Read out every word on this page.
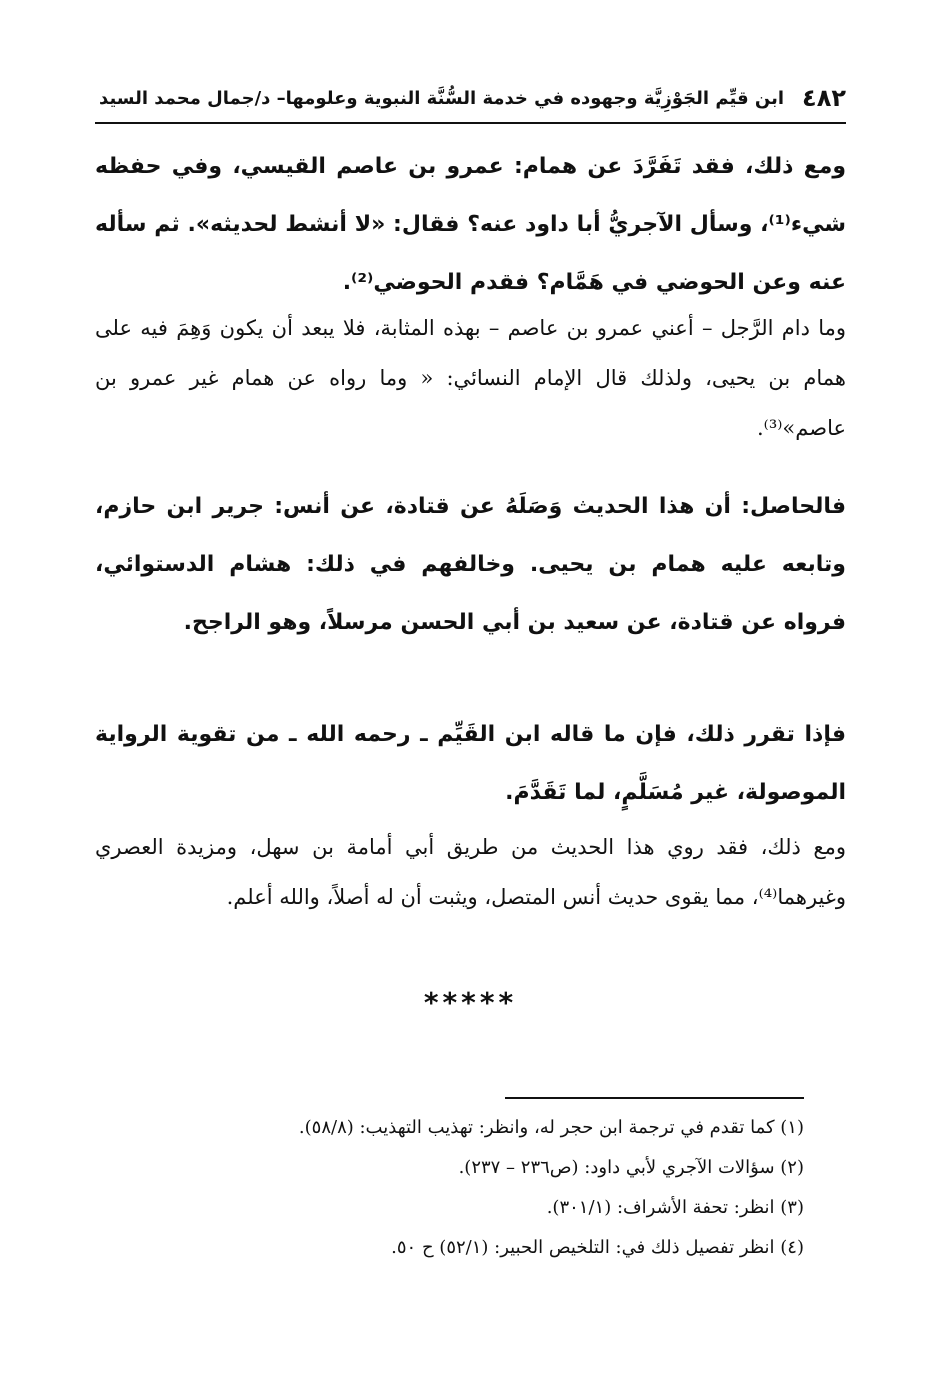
٤٨٢
ابن قيِّم الجَوْزِيَّة وجهوده في خدمة السُّنَّة النبوية وعلومها– د/جمال محمد السيد
ومع ذلك، فقد تَفَرَّدَ عن همام: عمرو بن عاصم القيسي، وفي حفظه شيء⁽¹⁾، وسأل الآجريُّ أبا داود عنه؟ فقال: «لا أنشط لحديثه». ثم سأله عنه وعن الحوضي في هَمَّام؟ فقدم الحوضي⁽²⁾.
وما دام الرَّجل – أعني عمرو بن عاصم – بهذه المثابة، فلا يبعد أن يكون وَهِمَ فيه على همام بن يحيى، ولذلك قال الإمام النسائي: « وما رواه عن همام غير عمرو بن عاصم»⁽³⁾.
فالحاصل: أن هذا الحديث وَصَلَهُ عن قتادة، عن أنس: جرير ابن حازم، وتابعه عليه همام بن يحيى. وخالفهم في ذلك: هشام الدستوائي، فرواه عن قتادة، عن سعيد بن أبي الحسن مرسلاً، وهو الراجح.
فإذا تقرر ذلك، فإن ما قاله ابن القَيِّم ـ رحمه الله ـ من تقوية الرواية الموصولة، غير مُسَلَّمٍ، لما تَقَدَّمَ.
ومع ذلك، فقد روي هذا الحديث من طريق أبي أمامة بن سهل، ومزيدة العصري وغيرهما⁽⁴⁾، مما يقوى حديث أنس المتصل، ويثبت أن له أصلاً، والله أعلم.
*****
(١) كما تقدم في ترجمة ابن حجر له، وانظر: تهذيب التهذيب: (٥٨/٨).
(٢) سؤالات الآجري لأبي داود: (ص٢٣٦ – ٢٣٧).
(٣) انظر: تحفة الأشراف: (٣٠١/١).
(٤) انظر تفصيل ذلك في: التلخيص الحبير: (٥٢/١) ح ٥٠.
